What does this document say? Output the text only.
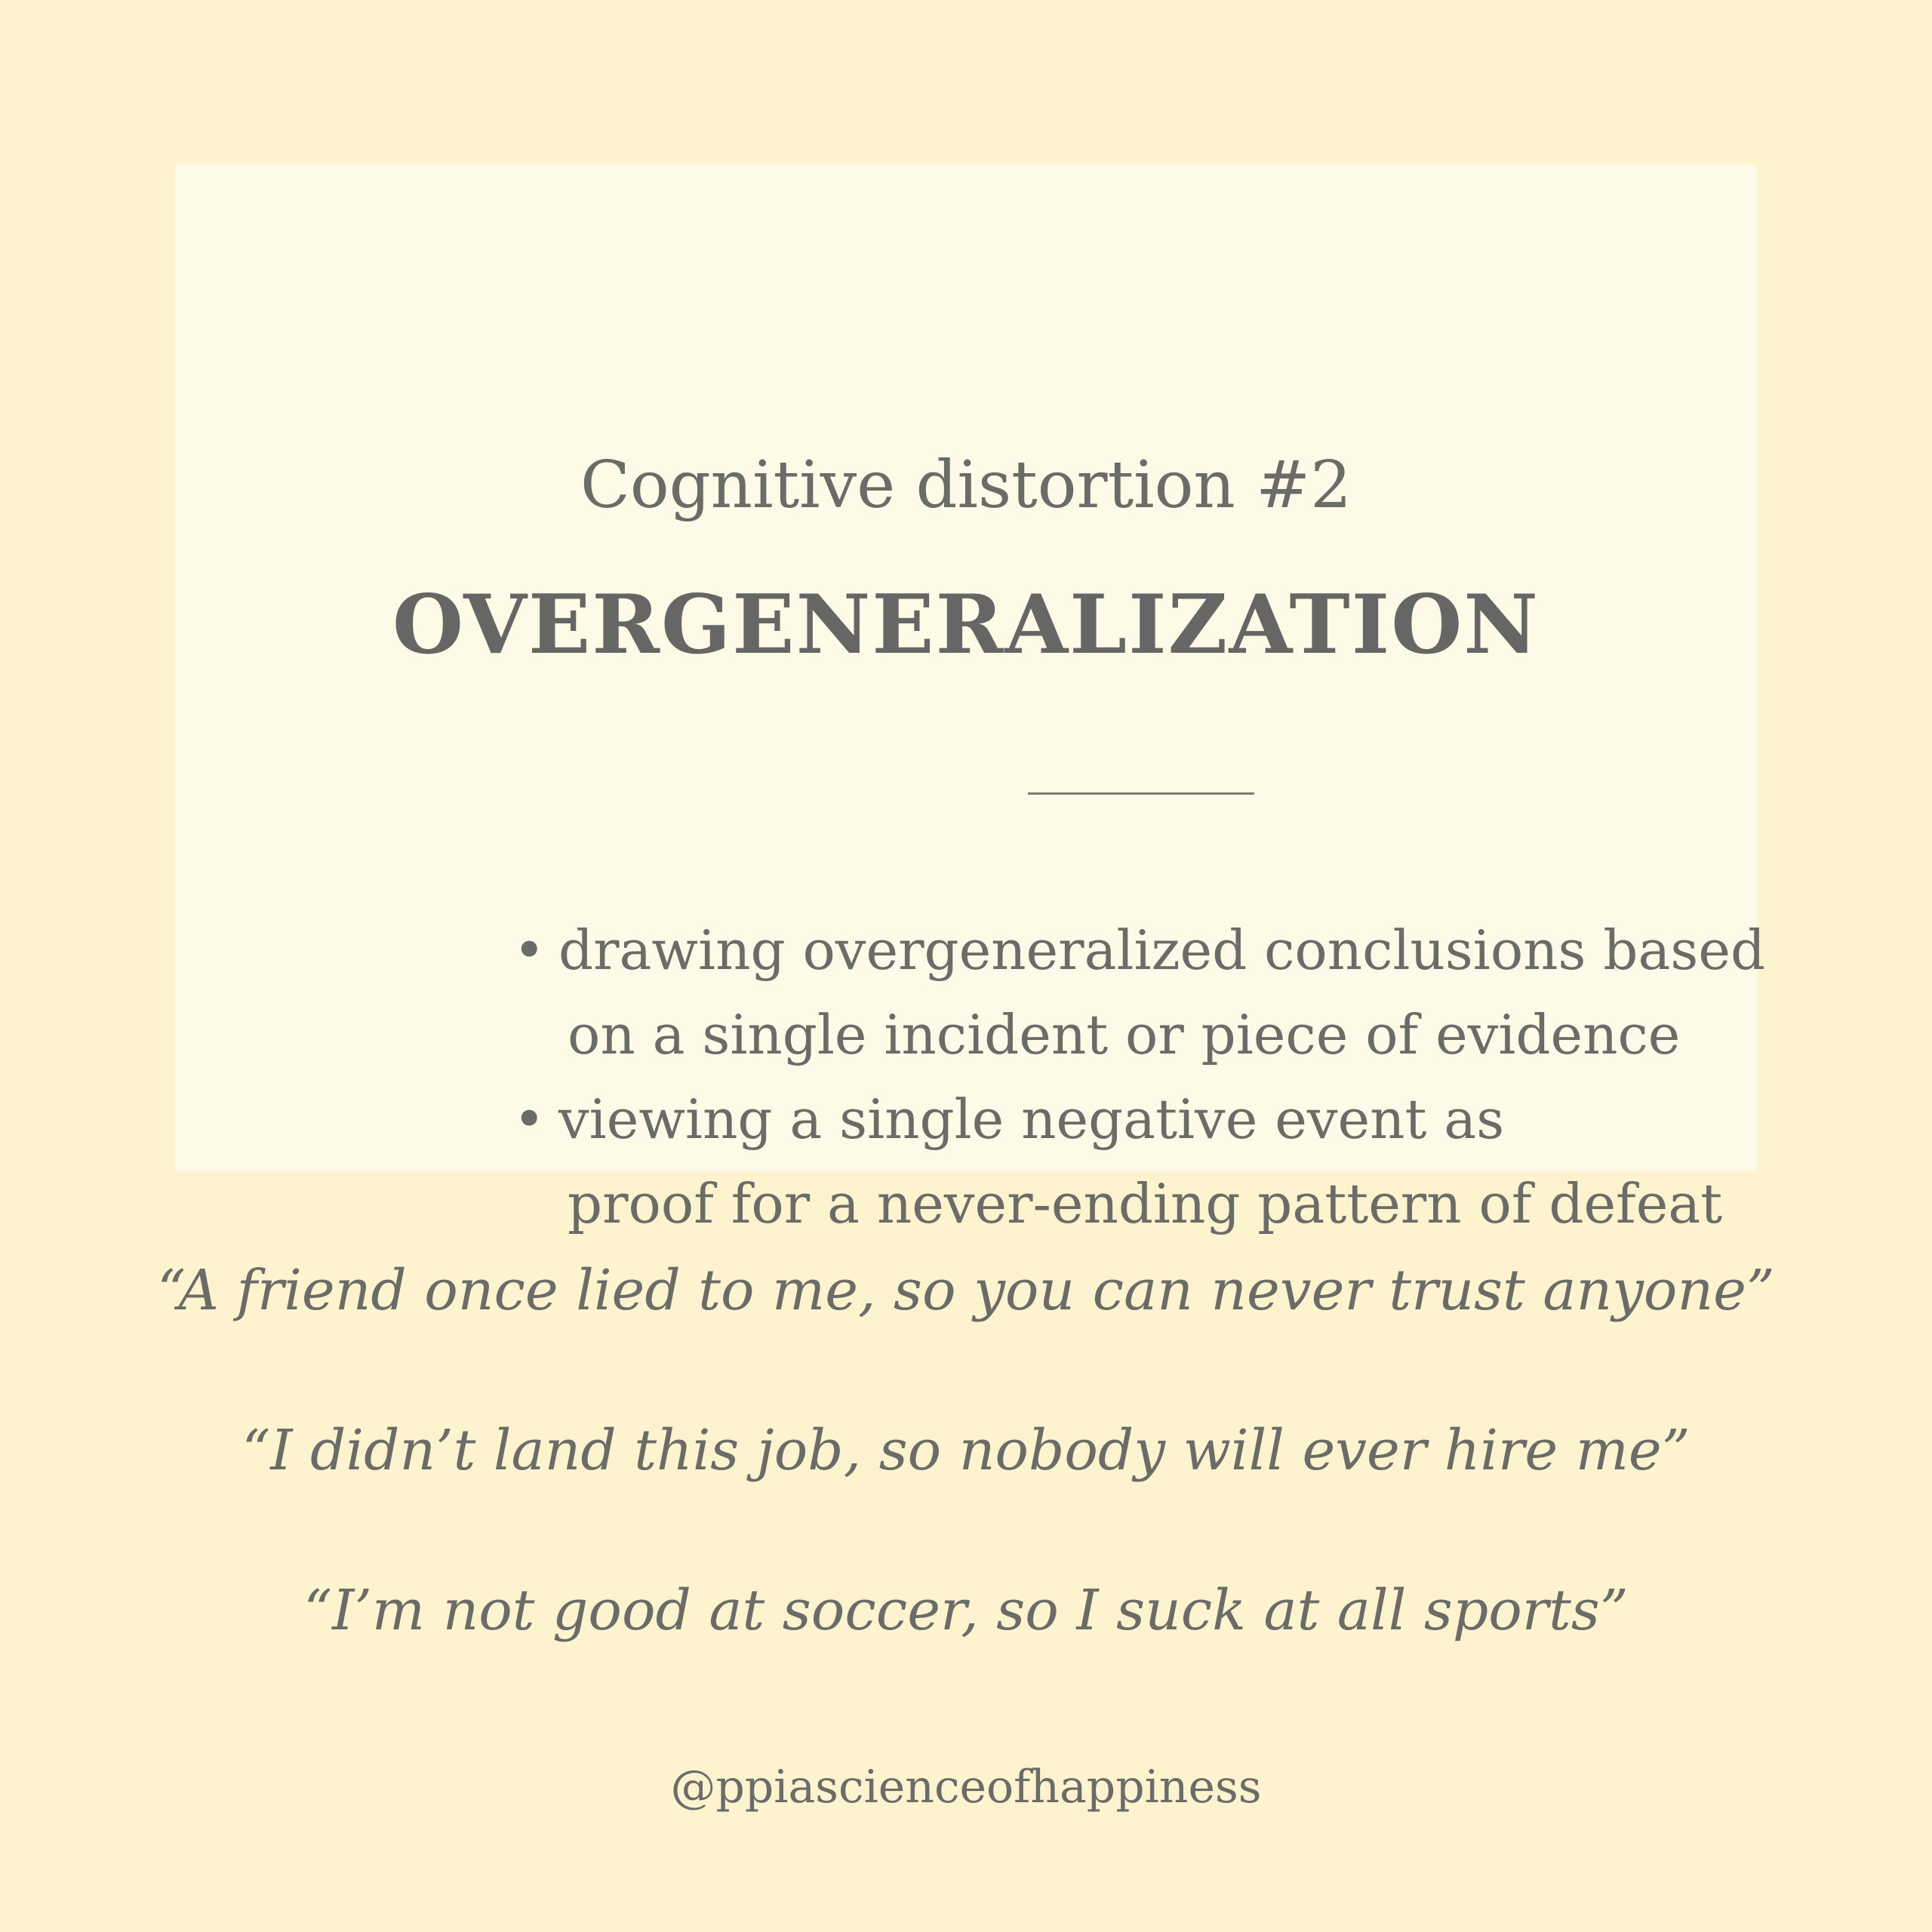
Cognitive distortion #2
OVERGENERALIZATION
• drawing overgeneralized conclusions based
on a single incident or piece of evidence
• viewing a single negative event as
proof for a never-ending pattern of defeat
“A friend once lied to me, so you can never trust anyone”
“I didn’t land this job, so nobody will ever hire me”
“I’m not good at soccer, so I suck at all sports”
@ppiascienceofhappiness
